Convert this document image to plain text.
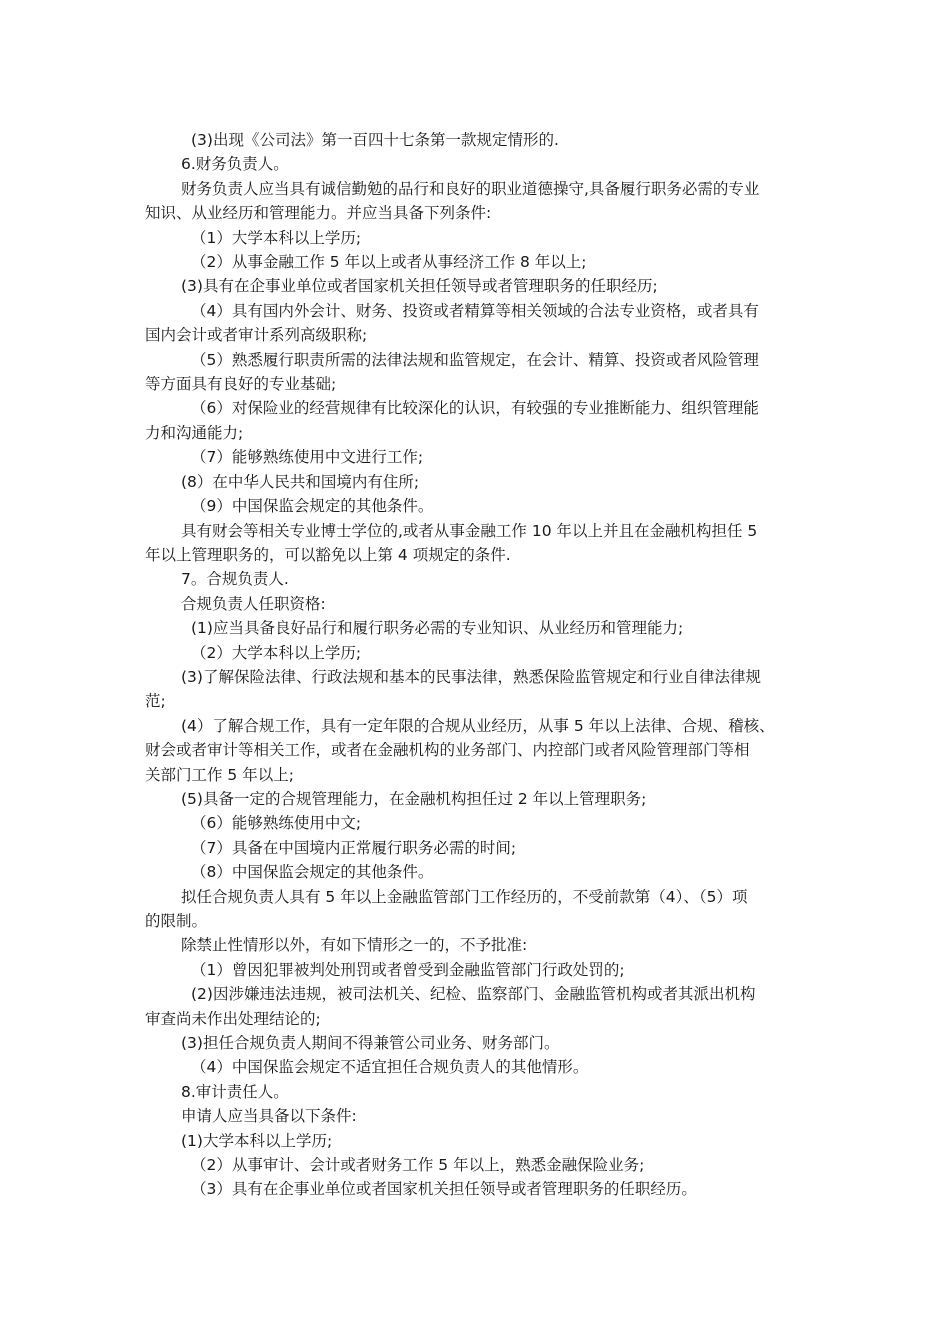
(3)出现《公司法》第一百四十七条第一款规定情形的.
6.财务负责人。
财务负责人应当具有诚信勤勉的品行和良好的职业道德操守,具备履行职务必需的专业
知识、从业经历和管理能力。并应当具备下列条件:
（1）大学本科以上学历;
（2）从事金融工作 5 年以上或者从事经济工作 8 年以上;
(3)具有在企事业单位或者国家机关担任领导或者管理职务的任职经历;
（4）具有国内外会计、财务、投资或者精算等相关领域的合法专业资格，或者具有
国内会计或者审计系列高级职称;
（5）熟悉履行职责所需的法律法规和监管规定，在会计、精算、投资或者风险管理
等方面具有良好的专业基础;
（6）对保险业的经营规律有比较深化的认识，有较强的专业推断能力、组织管理能
力和沟通能力;
（7）能够熟练使用中文进行工作;
(8）在中华人民共和国境内有住所;
（9）中国保监会规定的其他条件。
具有财会等相关专业博士学位的,或者从事金融工作 10 年以上并且在金融机构担任 5
年以上管理职务的，可以豁免以上第 4 项规定的条件.
7。合规负责人.
合规负责人任职资格:
(1)应当具备良好品行和履行职务必需的专业知识、从业经历和管理能力;
（2）大学本科以上学历;
(3)了解保险法律、行政法规和基本的民事法律，熟悉保险监管规定和行业自律法律规
范;
(4）了解合规工作，具有一定年限的合规从业经历，从事 5 年以上法律、合规、稽核、
财会或者审计等相关工作，或者在金融机构的业务部门、内控部门或者风险管理部门等相
关部门工作 5 年以上;
(5)具备一定的合规管理能力，在金融机构担任过 2 年以上管理职务;
（6）能够熟练使用中文;
（7）具备在中国境内正常履行职务必需的时间;
（8）中国保监会规定的其他条件。
拟任合规负责人具有 5 年以上金融监管部门工作经历的，不受前款第（4）、（5）项
的限制。
除禁止性情形以外，有如下情形之一的，不予批准:
（1）曾因犯罪被判处刑罚或者曾受到金融监管部门行政处罚的;
(2)因涉嫌违法违规，被司法机关、纪检、监察部门、金融监管机构或者其派出机构
审查尚未作出处理结论的;
(3)担任合规负责人期间不得兼管公司业务、财务部门。
（4）中国保监会规定不适宜担任合规负责人的其他情形。
8.审计责任人。
申请人应当具备以下条件:
(1)大学本科以上学历;
（2）从事审计、会计或者财务工作 5 年以上，熟悉金融保险业务;
（3）具有在企事业单位或者国家机关担任领导或者管理职务的任职经历。
